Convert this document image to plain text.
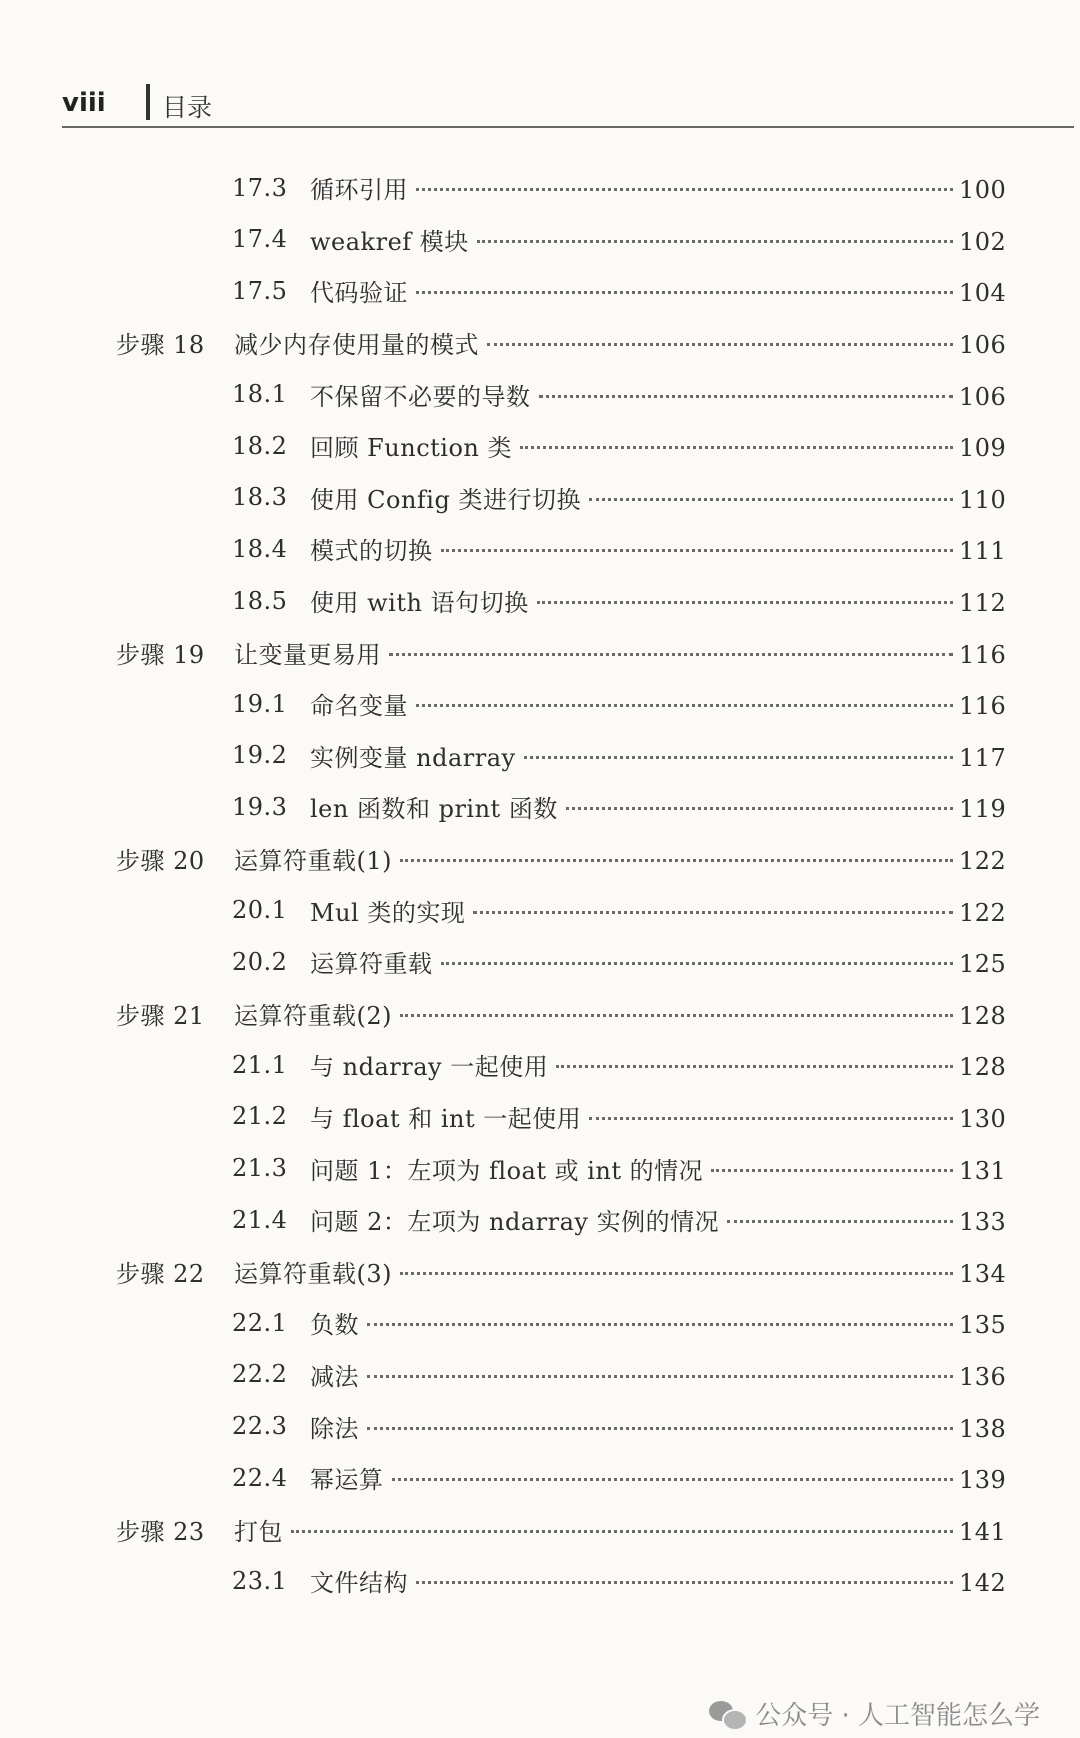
viii 目录
17.3 循环引用	100
17.4 weakref 模块	102
17.5 代码验证	104
步骤 18	减少内存使用量的模式	106
18.1 不保留不必要的导数	106
18.2 回顾 Function 类	109
18.3 使用 Config 类进行切换	110
18.4 模式的切换	111
18.5 使用 with 语句切换	112
步骤 19	让变量更易用	116
19.1 命名变量	116
19.2 实例变量 ndarray	117
19.3 len 函数和 print 函数	119
步骤 20	运算符重载(1)	122
20.1 Mul 类的实现	122
20.2 运算符重载	125
步骤 21	运算符重载(2)	128
21.1 与 ndarray 一起使用	128
21.2 与 float 和 int 一起使用	130
21.3 问题 1：左项为 float 或 int 的情况	131
21.4 问题 2：左项为 ndarray 实例的情况	133
步骤 22	运算符重载(3)	134
22.1 负数	135
22.2 减法	136
22.3 除法	138
22.4 幂运算	139
步骤 23	打包	141
23.1 文件结构	142
公众号 · 人工智能怎么学
